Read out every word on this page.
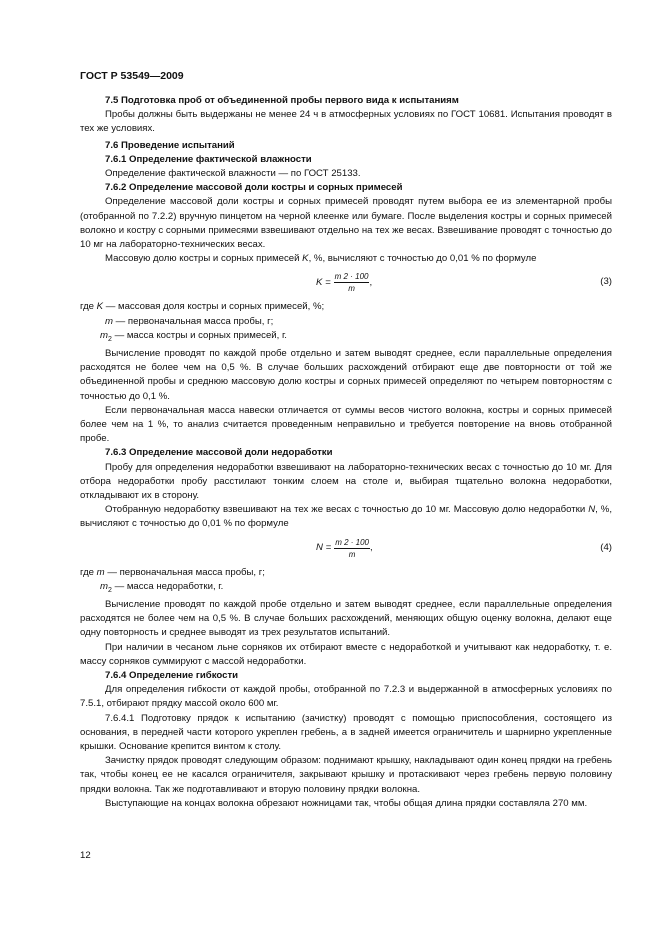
ГОСТ Р 53549—2009

7.5 Подготовка проб от объединенной пробы первого вида к испытаниям

Пробы должны быть выдержаны не менее 24 ч в атмосферных условиях по ГОСТ 10681. Испытания проводят в тех же условиях.

7.6 Проведение испытаний

7.6.1 Определение фактической влажности

Определение фактической влажности — по ГОСТ 25133.

7.6.2 Определение массовой доли костры и сорных примесей

Определение массовой доли костры и сорных примесей проводят путем выбора ее из элементарной пробы (отобранной по 7.2.2) вручную пинцетом на черной клеенке или бумаге. После выделения костры и сорных примесей волокно и костру с сорными примесями взвешивают отдельно на тех же весах. Взвешивание проводят с точностью до 10 мг на лабораторно-технических весах.

Массовую долю костры и сорных примесей K, %, вычисляют с точностью до 0,01 % по формуле

$K = \frac{m 2 \cdot 100}{m}$ ,	(3)

где K — массовая доля костры и сорных примесей, %;

m — первоначальная масса пробы, г;

$m_2$ — масса костры и сорных примесей, г.

Вычисление проводят по каждой пробе отдельно и затем выводят среднее, если параллельные определения расходятся не более чем на 0,5 %. В случае больших расхождений отбирают еще две повторности от той же объединенной пробы и среднюю массовую долю костры и сорных примесей определяют по четырем повторностям с точностью до 0,1 %.

Если первоначальная масса навески отличается от суммы весов чистого волокна, костры и сорных примесей более чем на 1 %, то анализ считается проведенным неправильно и требуется повторение на вновь отобранной пробе.

7.6.3 Определение массовой доли недоработки

Пробу для определения недоработки взвешивают на лабораторно-технических весах с точностью до 10 мг. Для отбора недоработки пробу расстилают тонким слоем на столе и, выбирая тщательно волокна недоработки, откладывают их в сторону.

Отобранную недоработку взвешивают на тех же весах с точностью до 10 мг. Массовую долю недоработки N, %, вычисляют с точностью до 0,01 % по формуле

$N = \frac{m 2 \cdot 100}{m}$ ,	(4)

где m — первоначальная масса пробы, г;

$m_2$ — масса недоработки, г.

Вычисление проводят по каждой пробе отдельно и затем выводят среднее, если параллельные определения расходятся не более чем на 0,5 %. В случае больших расхождений, меняющих общую оценку волокна, делают еще одну повторность и среднее выводят из трех результатов испытаний.

При наличии в чесаном льне сорняков их отбирают вместе с недоработкой и учитывают как недоработку, т. е. массу сорняков суммируют с массой недоработки.

7.6.4 Определение гибкости

Для определения гибкости от каждой пробы, отобранной по 7.2.3 и выдержанной в атмосферных условиях по 7.5.1, отбирают прядку массой около 600 мг.

7.6.4.1 Подготовку прядок к испытанию (зачистку) проводят с помощью приспособления, состоящего из основания, в передней части которого укреплен гребень, а в задней имеется ограничитель и шарнирно укрепленные крышки. Основание крепится винтом к столу.

Зачистку прядок проводят следующим образом: поднимают крышку, накладывают один конец прядки на гребень так, чтобы конец ее не касался ограничителя, закрывают крышку и протаскивают через гребень первую половину прядки волокна. Так же подготавливают и вторую половину прядки волокна.

Выступающие на концах волокна обрезают ножницами так, чтобы общая длина прядки составляла 270 мм.

12
